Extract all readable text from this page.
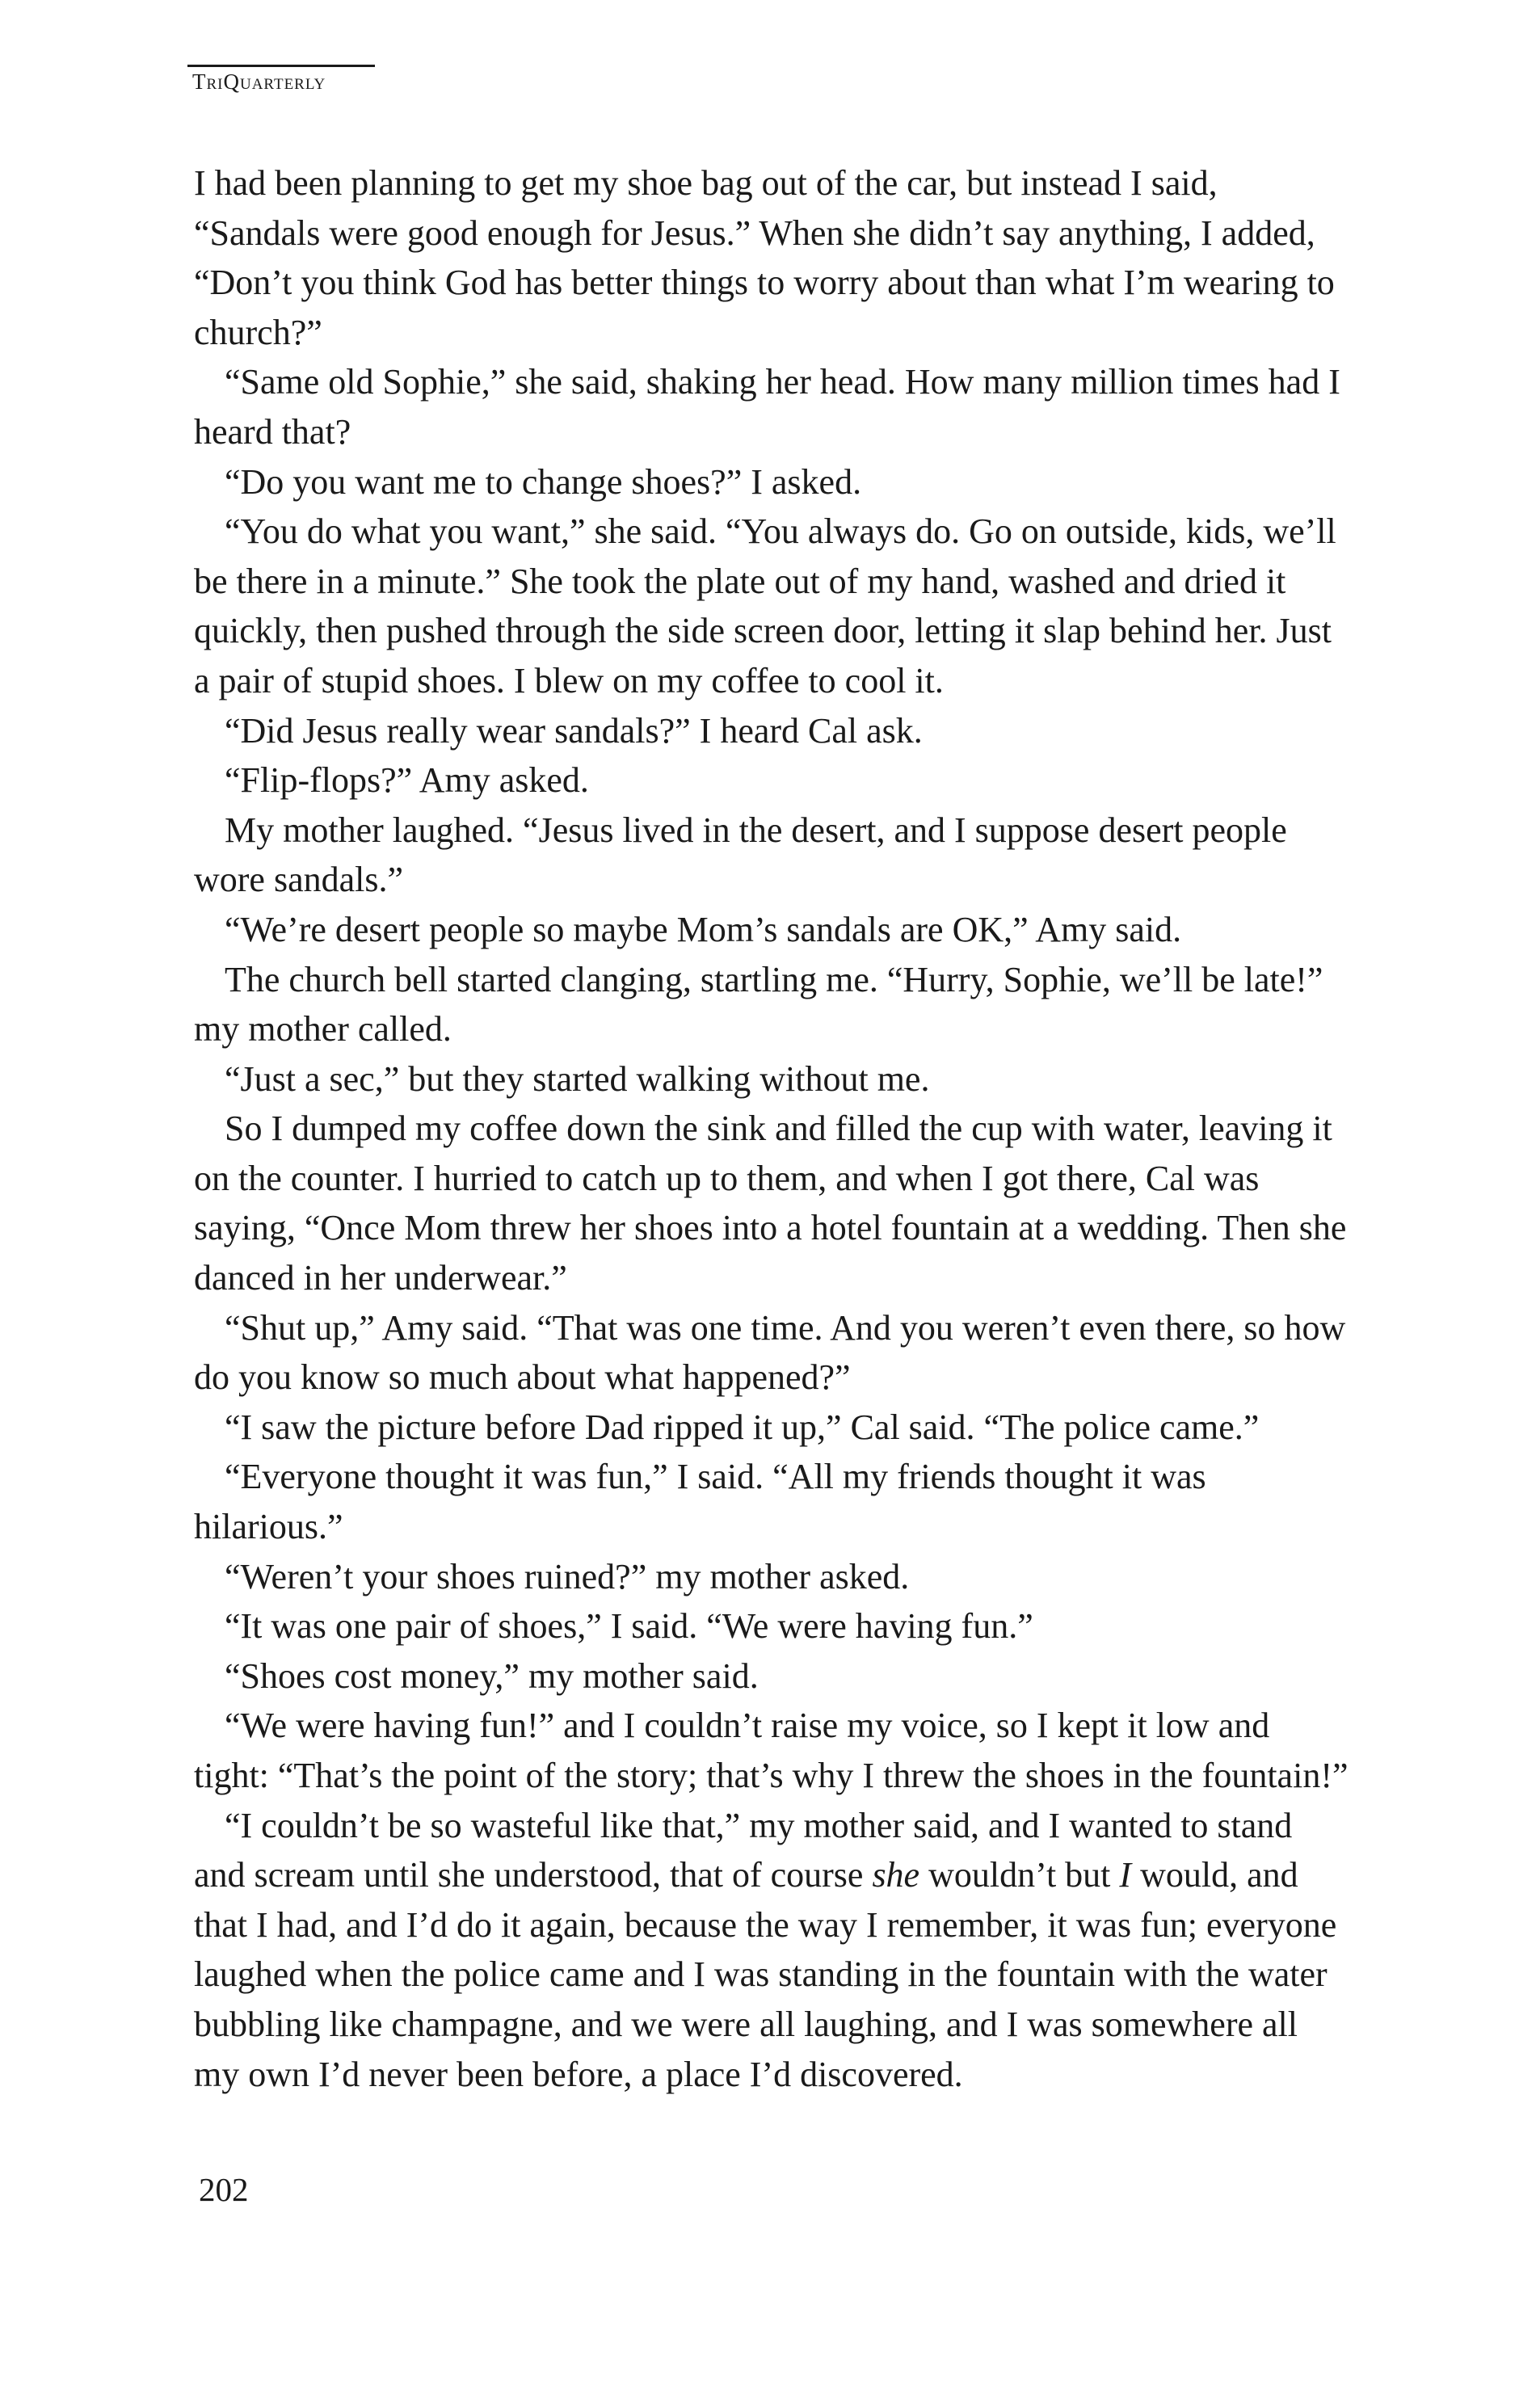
TriQuarterly

I had been planning to get my shoe bag out of the car, but instead I said, “Sandals were good enough for Jesus.” When she didn’t say anything, I added, “Don’t you think God has better things to worry about than what I’m wearing to church?”

“Same old Sophie,” she said, shaking her head. How many million times had I heard that?

“Do you want me to change shoes?” I asked.

“You do what you want,” she said. “You always do. Go on outside, kids, we’ll be there in a minute.” She took the plate out of my hand, washed and dried it quickly, then pushed through the side screen door, letting it slap behind her. Just a pair of stupid shoes. I blew on my coffee to cool it.

“Did Jesus really wear sandals?” I heard Cal ask.

“Flip-flops?” Amy asked.

My mother laughed. “Jesus lived in the desert, and I suppose desert people wore sandals.”

“We’re desert people so maybe Mom’s sandals are OK,” Amy said.

The church bell started clanging, startling me. “Hurry, Sophie, we’ll be late!” my mother called.

“Just a sec,” but they started walking without me.

So I dumped my coffee down the sink and filled the cup with water, leaving it on the counter. I hurried to catch up to them, and when I got there, Cal was saying, “Once Mom threw her shoes into a hotel fountain at a wedding. Then she danced in her underwear.”

“Shut up,” Amy said. “That was one time. And you weren’t even there, so how do you know so much about what happened?”

“I saw the picture before Dad ripped it up,” Cal said. “The police came.”

“Everyone thought it was fun,” I said. “All my friends thought it was hilarious.”

“Weren’t your shoes ruined?” my mother asked.

“It was one pair of shoes,” I said. “We were having fun.”

“Shoes cost money,” my mother said.

“We were having fun!” and I couldn’t raise my voice, so I kept it low and tight: “That’s the point of the story; that’s why I threw the shoes in the fountain!”

“I couldn’t be so wasteful like that,” my mother said, and I wanted to stand and scream until she understood, that of course she wouldn’t but I would, and that I had, and I’d do it again, because the way I remember, it was fun; everyone laughed when the police came and I was standing in the fountain with the water bubbling like champagne, and we were all laughing, and I was somewhere all my own I’d never been before, a place I’d discovered.

202
